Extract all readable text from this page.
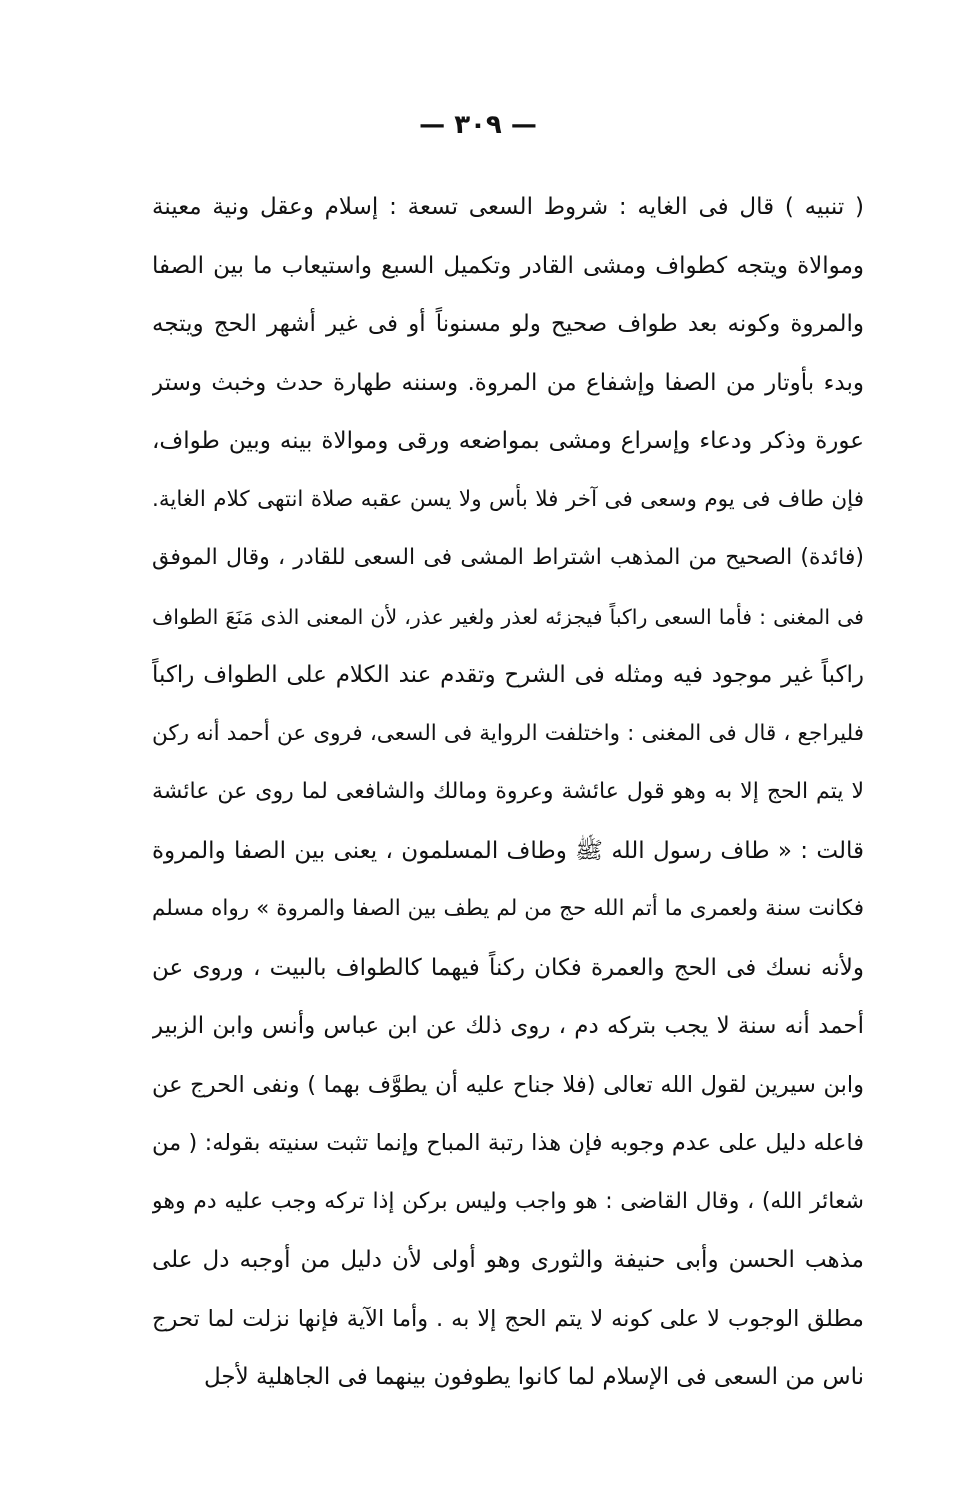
— ٣٠٩ —
( تنبيه ) قال فى الغايه : شروط السعى تسعة : إسلام وعقل ونية معينة
وموالاة ويتجه كطواف ومشى القادر وتكميل السبع واستيعاب ما بين الصفا
والمروة وكونه بعد طواف صحيح ولو مسنوناً أو فى غير أشهر الحج ويتجه
وبدء بأوتار من الصفا وإشفاع من المروة. وسننه طهارة حدث وخبث وستر
عورة وذكر ودعاء وإسراع ومشى بمواضعه ورقى وموالاة بينه وبين طواف،
فإن طاف فى يوم وسعى فى آخر فلا بأس ولا يسن عقبه صلاة انتهى كلام الغاية.
(فائدة) الصحيح من المذهب اشتراط المشى فى السعى للقادر ، وقال الموفق
فى المغنى : فأما السعى راكباً فيجزئه لعذر ولغير عذر، لأن المعنى الذى مَنَعَ الطواف
راكباً غير موجود فيه ومثله فى الشرح وتقدم عند الكلام على الطواف راكباً
فليراجع ، قال فى المغنى : واختلفت الرواية فى السعى، فروى عن أحمد أنه ركن
لا يتم الحج إلا به وهو قول عائشة وعروة ومالك والشافعى لما روى عن عائشة
قالت : « طاف رسول الله ﷺ وطاف المسلمون ، يعنى بين الصفا والمروة
فكانت سنة ولعمرى ما أتم الله حج من لم يطف بين الصفا والمروة » رواه مسلم
ولأنه نسك فى الحج والعمرة فكان ركناً فيهما كالطواف بالبيت ، وروى عن
أحمد أنه سنة لا يجب بتركه دم ، روى ذلك عن ابن عباس وأنس وابن الزبير
وابن سيرين لقول الله تعالى (فلا جناح عليه أن يطوَّف بهما ) ونفى الحرج عن
فاعله دليل على عدم وجوبه فإن هذا رتبة المباح وإنما تثبت سنيته بقوله: ( من
شعائر الله) ، وقال القاضى : هو واجب وليس بركن إذا تركه وجب عليه دم وهو
مذهب الحسن وأبى حنيفة والثورى وهو أولى لأن دليل من أوجبه دل على
مطلق الوجوب لا على كونه لا يتم الحج إلا به . وأما الآية فإنها نزلت لما تحرج
ناس من السعى فى الإسلام لما كانوا يطوفون بينهما فى الجاهلية لأجل
